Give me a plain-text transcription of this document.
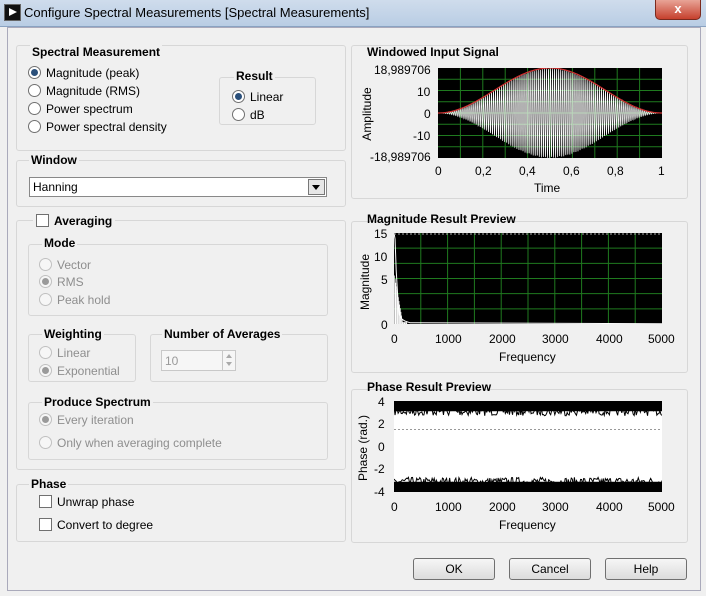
Configure Spectral Measurements [Spectral Measurements]	x
Spectral Measurement
Magnitude (peak)
Magnitude (RMS)
Power spectrum
Power spectral density
Result
Linear
dB
Window
Hanning
Averaging
Mode
Vector
RMS
Peak hold
Weighting
Linear
Exponential
Number of Averages
10
Produce Spectrum
Every iteration
Only when averaging complete
Phase
Unwrap phase
Convert to degree
Windowed Input Signal
Amplitude
18,989706
10
0
-10
-18,989706
0	0,2 0,4 0,6 0,8	1
Time
Magnitude Result Preview
Magnitude
15
10
5
0
0	1000 2000 3000 4000 5000
Frequency
Phase Result Preview
Phase (rad.)
4
2
0
-2
-4
0	1000 2000 3000 4000 5000
Frequency
OK	Cancel	Help
